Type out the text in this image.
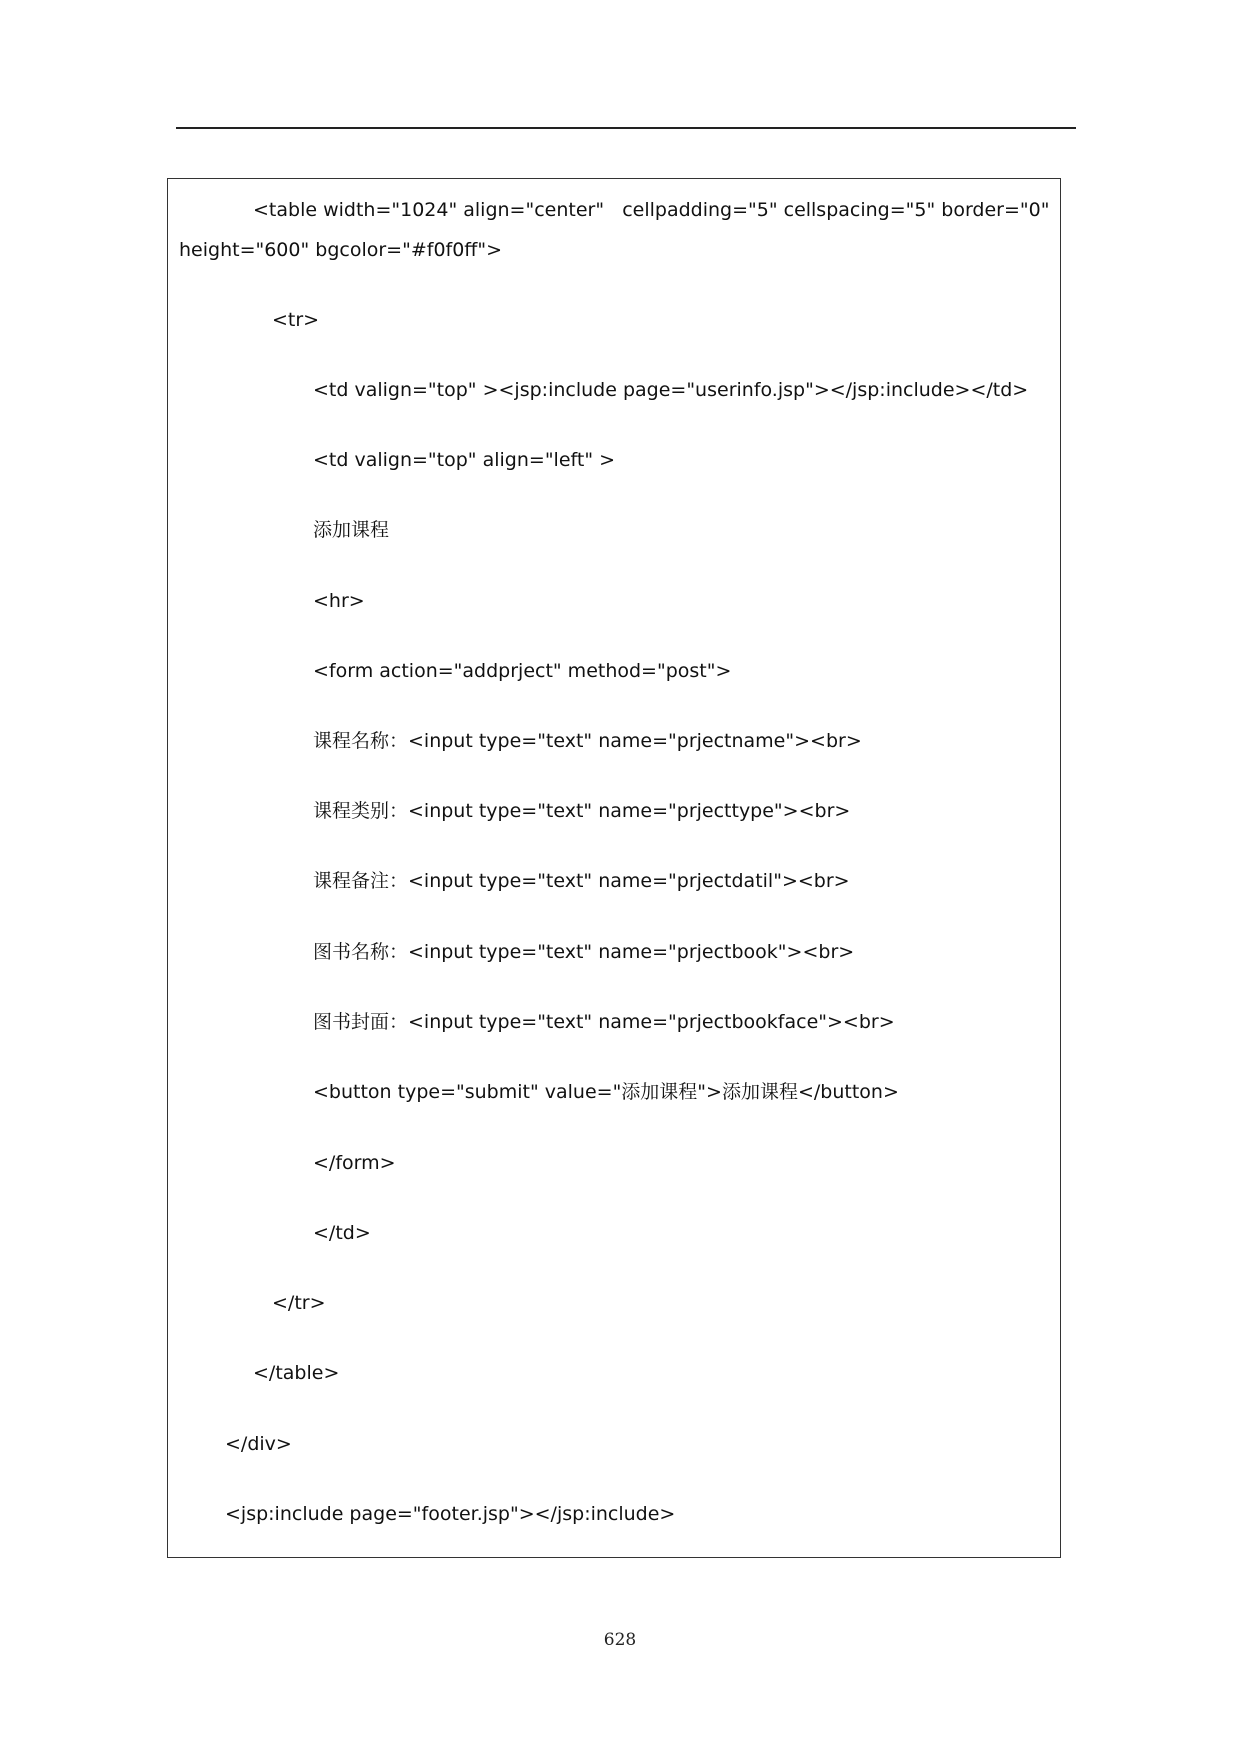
<table width="1024" align="center"   cellpadding="5" cellspacing="5" border="0"
height="600" bgcolor="#f0f0ff">
<tr>
<td valign="top" ><jsp:include page="userinfo.jsp"></jsp:include></td>
<td valign="top" align="left" >
添加课程
<hr>
<form action="addprject" method="post">
课程名称：<input type="text" name="prjectname"><br>
课程类别：<input type="text" name="prjecttype"><br>
课程备注：<input type="text" name="prjectdatil"><br>
图书名称：<input type="text" name="prjectbook"><br>
图书封面：<input type="text" name="prjectbookface"><br>
<button type="submit" value="添加课程">添加课程</button>
</form>
</td>
</tr>
</table>
</div>
<jsp:include page="footer.jsp"></jsp:include>
628
